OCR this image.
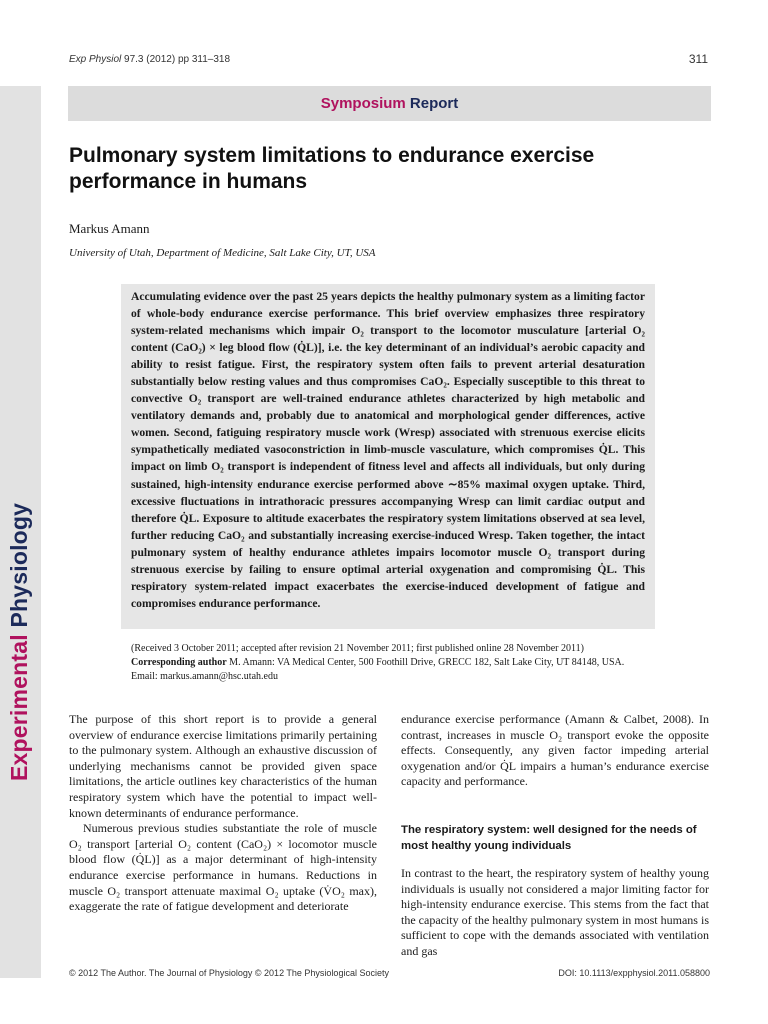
Experimental Physiology
Exp Physiol 97.3 (2012) pp 311–318	311
Symposium Report
Pulmonary system limitations to endurance exercise performance in humans
Markus Amann
University of Utah, Department of Medicine, Salt Lake City, UT, USA

Accumulating evidence over the past 25 years depicts the healthy pulmonary system as a limiting factor of whole-body endurance exercise performance. This brief overview emphasizes three respiratory system-related mechanisms which impair O₂ transport to the locomotor musculature [arterial O₂ content (CaO₂) × leg blood flow (Q̇L)], i.e. the key determinant of an individual’s aerobic capacity and ability to resist fatigue. First, the respiratory system often fails to prevent arterial desaturation substantially below resting values and thus compromises CaO₂. Especially susceptible to this threat to convective O₂ transport are well-trained endurance athletes characterized by high metabolic and ventilatory demands and, probably due to anatomical and morphological gender differences, active women. Second, fatiguing respiratory muscle work (Wresp) associated with strenuous exercise elicits sympathetically mediated vasoconstriction in limb-muscle vasculature, which compromises Q̇L. This impact on limb O₂ transport is independent of fitness level and affects all individuals, but only during sustained, high-intensity endurance exercise performed above ∼85% maximal oxygen uptake. Third, excessive fluctuations in intrathoracic pressures accompanying Wresp can limit cardiac output and therefore Q̇L. Exposure to altitude exacerbates the respiratory system limitations observed at sea level, further reducing CaO₂ and substantially increasing exercise-induced Wresp. Taken together, the intact pulmonary system of healthy endurance athletes impairs locomotor muscle O₂ transport during strenuous exercise by failing to ensure optimal arterial oxygenation and compromising Q̇L. This respiratory system-related impact exacerbates the exercise-induced development of fatigue and compromises endurance performance.

(Received 3 October 2011; accepted after revision 21 November 2011; first published online 28 November 2011)

Corresponding author M. Amann: VA Medical Center, 500 Foothill Drive, GRECC 182, Salt Lake City, UT 84148, USA.

Email: markus.amann@hsc.utah.edu

The purpose of this short report is to provide a general overview of endurance exercise limitations primarily pertaining to the pulmonary system. Although an exhaustive discussion of underlying mechanisms cannot be provided given space limitations, the article outlines key characteristics of the human respiratory system which have the potential to impact well-known determinants of endurance performance.

Numerous previous studies substantiate the role of muscle O₂ transport [arterial O₂ content (CaO₂) × locomotor muscle blood flow (Q̇L)] as a major determinant of high-intensity endurance exercise performance in humans. Reductions in muscle O₂ transport attenuate maximal O₂ uptake (V̇O₂ max), exaggerate the rate of fatigue development and deteriorate

endurance exercise performance (Amann & Calbet, 2008). In contrast, increases in muscle O₂ transport evoke the opposite effects. Consequently, any given factor impeding arterial oxygenation and/or Q̇L impairs a human’s endurance exercise capacity and performance.

The respiratory system: well designed for the needs of most healthy young individuals

In contrast to the heart, the respiratory system of healthy young individuals is usually not considered a major limiting factor for high-intensity endurance exercise. This stems from the fact that the capacity of the healthy pulmonary system in most humans is sufficient to cope with the demands associated with ventilation and gas

© 2012 The Author. The Journal of Physiology © 2012 The Physiological Society	DOI: 10.1113/expphysiol.2011.058800
